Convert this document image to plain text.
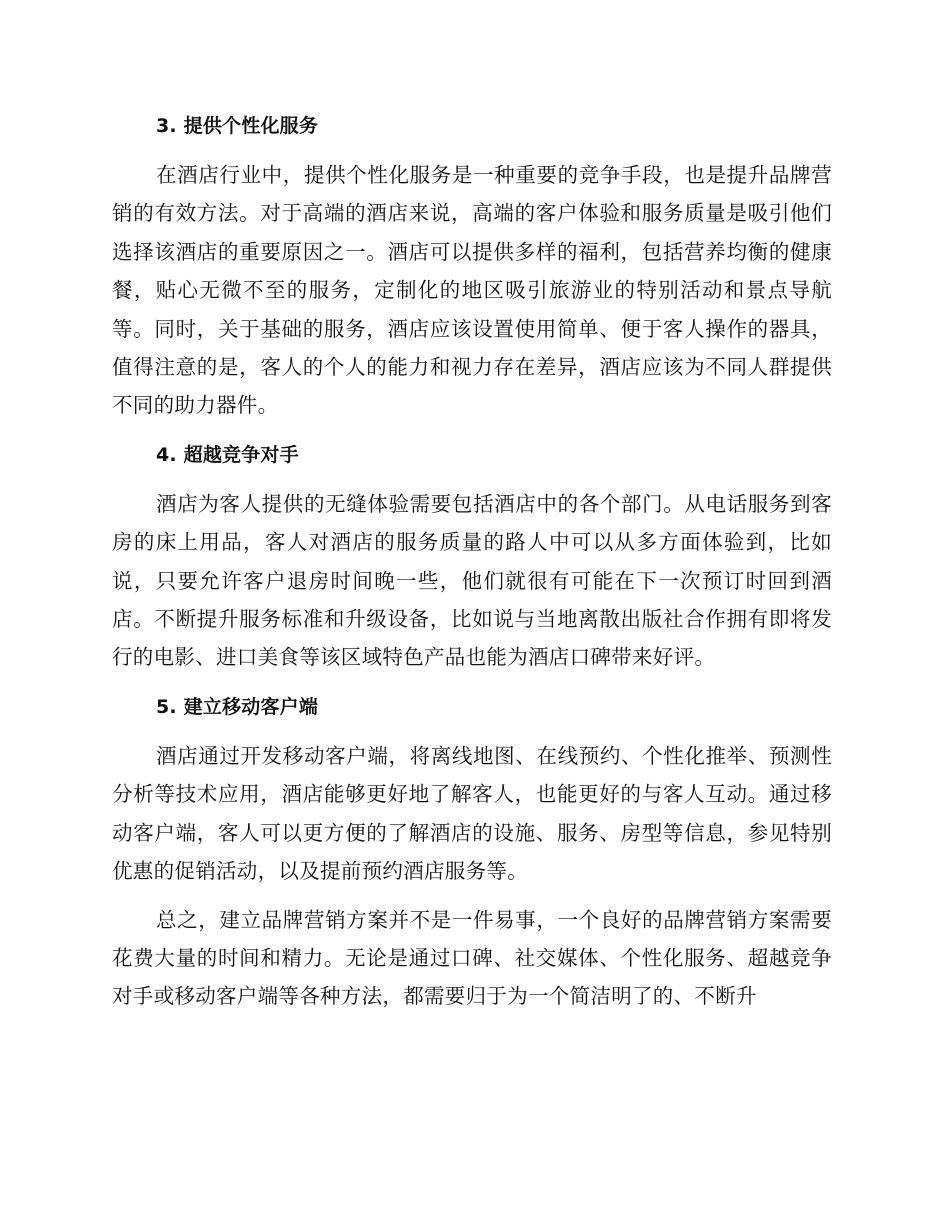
3. 提供个性化服务

在酒店行业中，提供个性化服务是一种重要的竞争手段，也是提升品牌营销的有效方法。对于高端的酒店来说，高端的客户体验和服务质量是吸引他们选择该酒店的重要原因之一。酒店可以提供多样的福利，包括营养均衡的健康餐，贴心无微不至的服务，定制化的地区吸引旅游业的特别活动和景点导航等。同时，关于基础的服务，酒店应该设置使用简单、便于客人操作的器具，值得注意的是，客人的个人的能力和视力存在差异，酒店应该为不同人群提供不同的助力器件。

4. 超越竞争对手

酒店为客人提供的无缝体验需要包括酒店中的各个部门。从电话服务到客房的床上用品，客人对酒店的服务质量的路人中可以从多方面体验到，比如说，只要允许客户退房时间晚一些，他们就很有可能在下一次预订时回到酒店。不断提升服务标准和升级设备，比如说与当地离散出版社合作拥有即将发行的电影、进口美食等该区域特色产品也能为酒店口碑带来好评。

5. 建立移动客户端

酒店通过开发移动客户端，将离线地图、在线预约、个性化推举、预测性分析等技术应用，酒店能够更好地了解客人，也能更好的与客人互动。通过移动客户端，客人可以更方便的了解酒店的设施、服务、房型等信息，参见特别优惠的促销活动，以及提前预约酒店服务等。

总之，建立品牌营销方案并不是一件易事，一个良好的品牌营销方案需要花费大量的时间和精力。无论是通过口碑、社交媒体、个性化服务、超越竞争对手或移动客户端等各种方法，都需要归于为一个简洁明了的、不断升
